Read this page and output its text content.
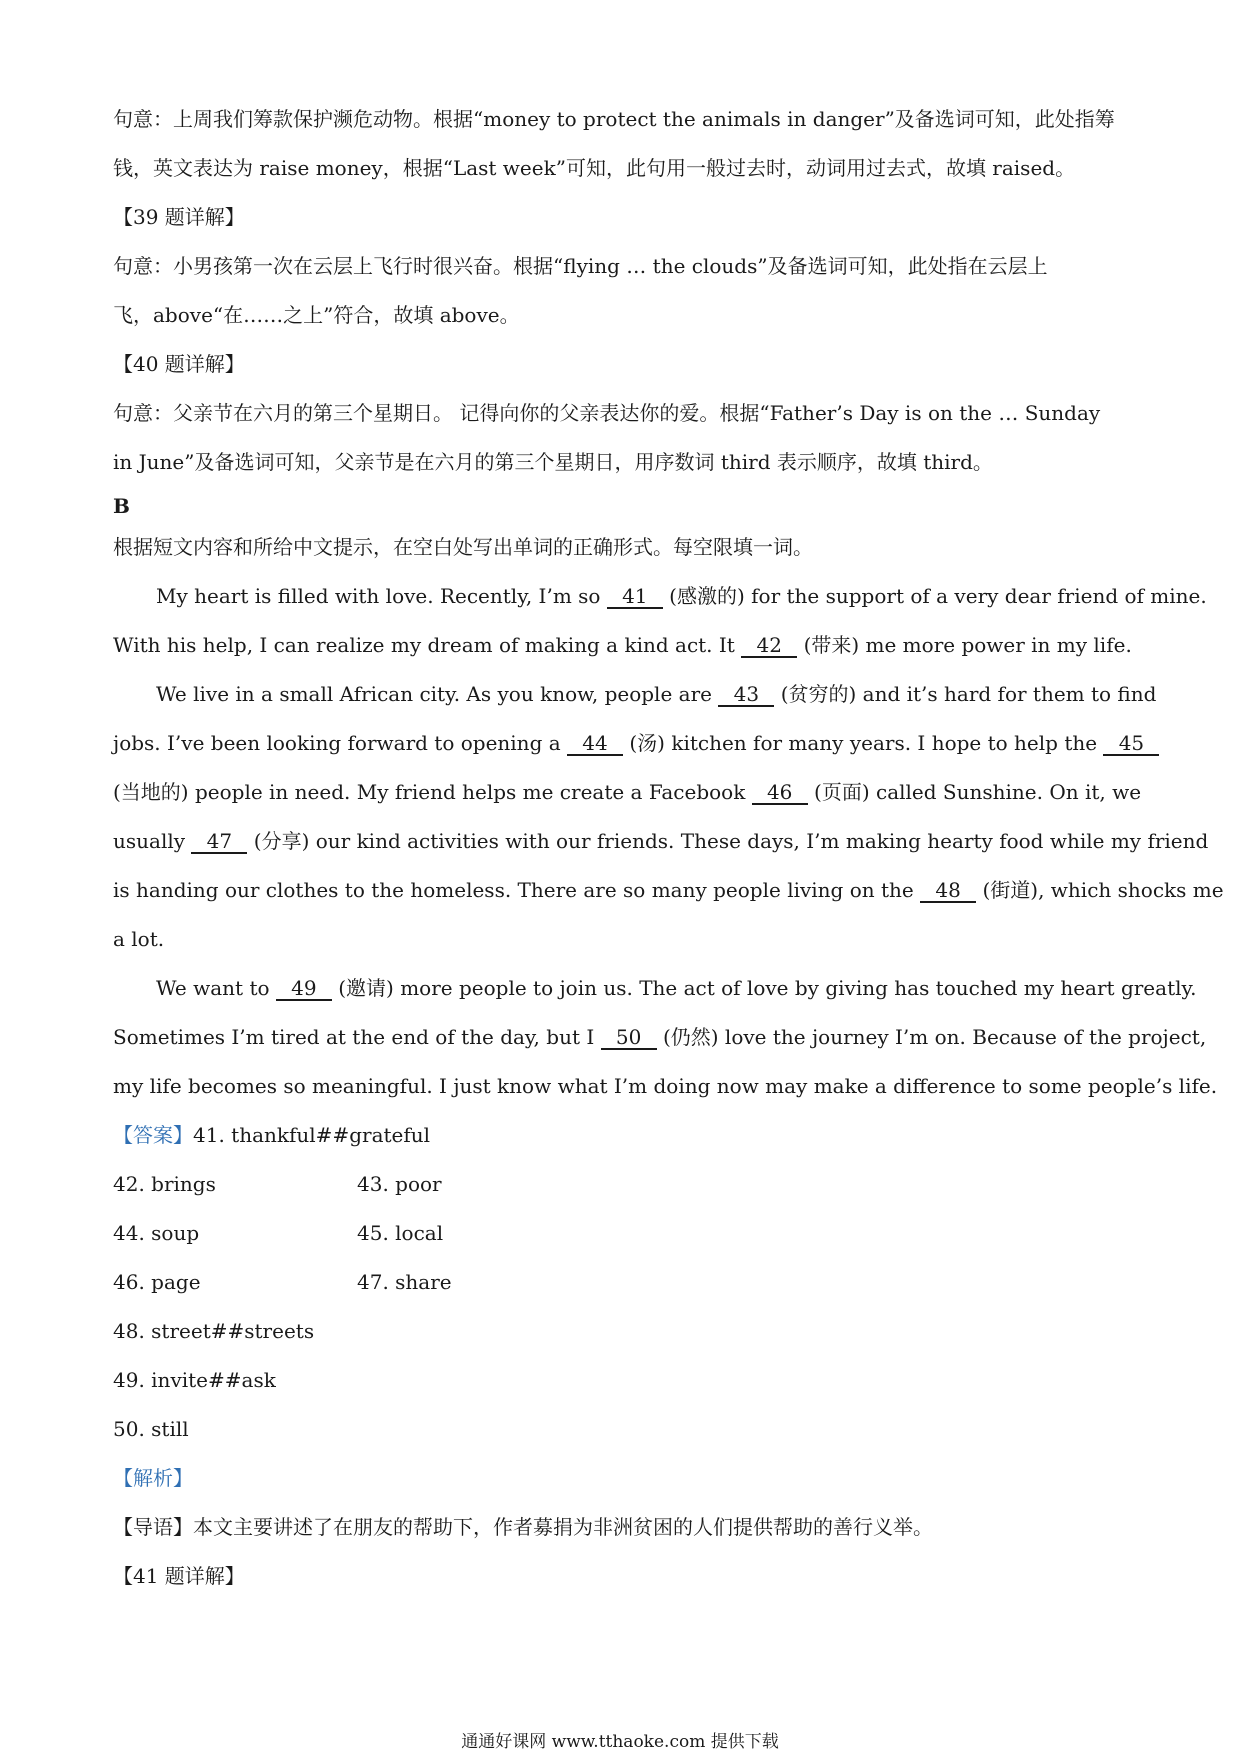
句意：上周我们筹款保护濒危动物。根据“money to protect the animals in danger”及备选词可知，此处指筹
钱，英文表达为 raise money，根据“Last week”可知，此句用一般过去时，动词用过去式，故填 raised。
【39 题详解】
句意：小男孩第一次在云层上飞行时很兴奋。根据“flying … the clouds”及备选词可知，此处指在云层上
飞，above“在……之上”符合，故填 above。
【40 题详解】
句意：父亲节在六月的第三个星期日。 记得向你的父亲表达你的爱。根据“Father’s Day is on the … Sunday
in June”及备选词可知，父亲节是在六月的第三个星期日，用序数词 third 表示顺序，故填 third。
B
根据短文内容和所给中文提示，在空白处写出单词的正确形式。每空限填一词。
My heart is filled with love. Recently, I’m so 41 (感激的) for the support of a very dear friend of mine.
With his help, I can realize my dream of making a kind act. It 42 (带来) me more power in my life.
We live in a small African city. As you know, people are 43 (贫穷的) and it’s hard for them to find
jobs. I’ve been looking forward to opening a 44 (汤) kitchen for many years. I hope to help the 45
(当地的) people in need. My friend helps me create a Facebook 46 (页面) called Sunshine. On it, we
usually 47 (分享) our kind activities with our friends. These days, I’m making hearty food while my friend
is handing our clothes to the homeless. There are so many people living on the 48 (街道), which shocks me
a lot.
We want to 49 (邀请) more people to join us. The act of love by giving has touched my heart greatly.
Sometimes I’m tired at the end of the day, but I 50 (仍然) love the journey I’m on. Because of the project,
my life becomes so meaningful. I just know what I’m doing now may make a difference to some people’s life.
【答案】41. thankful##grateful
42. brings	43. poor
44. soup	45. local
46. page	47. share
48. street##streets
49. invite##ask
50. still
【解析】
【导语】本文主要讲述了在朋友的帮助下，作者募捐为非洲贫困的人们提供帮助的善行义举。
【41 题详解】
通通好课网 www.tthaoke.com 提供下载
